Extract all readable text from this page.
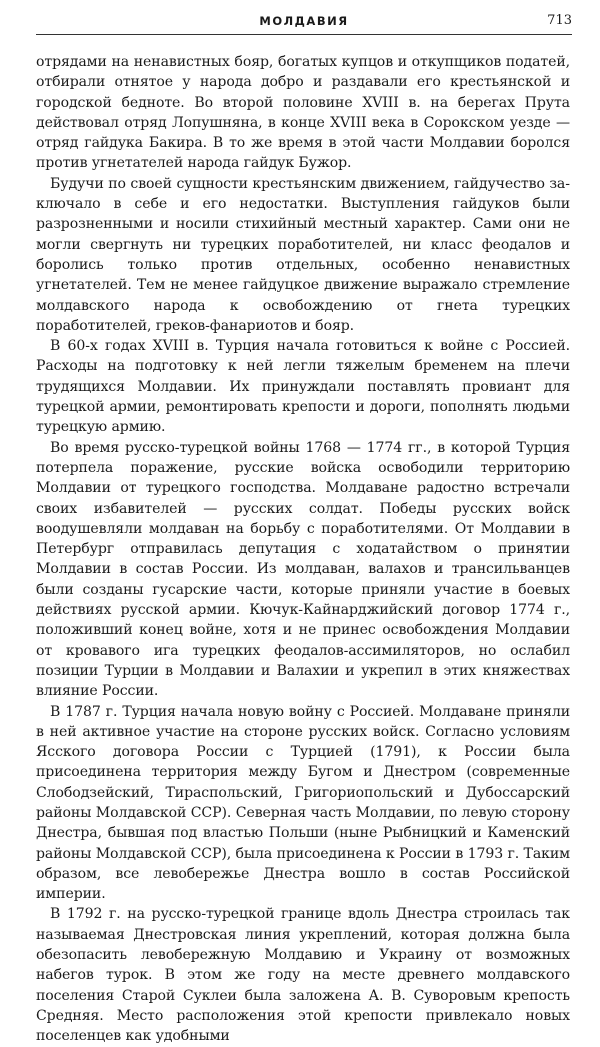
МОЛДАВИЯ	713

отрядами на ненавистных бояр, богатых купцов и откупщиков податей, отбирали отнятое у народа добро и раздавали его крестьянской и городской бедноте. Во второй половине XVIII в. на берегах Прута действовал отряд Лопушняна, в конце XVIII века в Сорокском уезде — отряд гайдука Бакира. В то же время в этой части Молдавии боролся против угнетателей народа гайдук Бужор.

Будучи по своей сущности крестьянским движением, гайдучество заключало в себе и его недостатки. Выступления гайдуков были разрозненными и носили стихийный местный характер. Сами они не могли свергнуть ни турецких поработителей, ни класс феодалов и боролись только против отдельных, особенно ненавистных угнетателей. Тем не менее гайдуцкое движение выражало стремление молдавского народа к освобождению от гнета турецких поработителей, греков-фанариотов и бояр.

В 60-х годах XVIII в. Турция начала готовиться к войне с Россией. Расходы на подготовку к ней легли тяжелым бременем на плечи трудящихся Молдавии. Их принуждали поставлять провиант для турецкой армии, ремонтировать крепости и дороги, пополнять людьми турецкую армию.

Во время русско-турецкой войны 1768 — 1774 гг., в которой Турция потерпела поражение, русские войска освободили территорию Молдавии от турецкого господства. Молдаване радостно встречали своих избавителей — русских солдат. Победы русских войск воодушевляли молдаван на борьбу с поработителями. От Молдавии в Петербург отправилась депутация с ходатайством о принятии Молдавии в состав России. Из молдаван, валахов и трансильванцев были созданы гусарские части, которые приняли участие в боевых действиях русской армии. Кючук-Кайнарджийский договор 1774 г., положивший конец войне, хотя и не принес освобождения Молдавии от кровавого ига турецких феодалов-ассимиляторов, но ослабил позиции Турции в Молдавии и Валахии и укрепил в этих княжествах влияние России.

В 1787 г. Турция начала новую войну с Россией. Молдаване приняли в ней активное участие на стороне русских войск. Согласно условиям Ясского договора России с Турцией (1791), к России была присоединена территория между Бугом и Днестром (современные Слободзейский, Тираспольский, Григориопольский и Дубоссарский районы Молдавской ССР). Северная часть Молдавии, по левую сторону Днестра, бывшая под властью Польши (ныне Рыбницкий и Каменский районы Молдавской ССР), была присоединена к России в 1793 г. Таким образом, все левобережье Днестра вошло в состав Российской империи.

В 1792 г. на русско-турецкой границе вдоль Днестра строилась так называемая Днестровская линия укреплений, которая должна была обезопасить левобережную Молдавию и Украину от возможных набегов турок. В этом же году на месте древнего молдавского поселения Старой Суклеи была заложена А. В. Суворовым крепость Средняя. Место расположения этой крепости привлекало новых поселенцев как удобными
